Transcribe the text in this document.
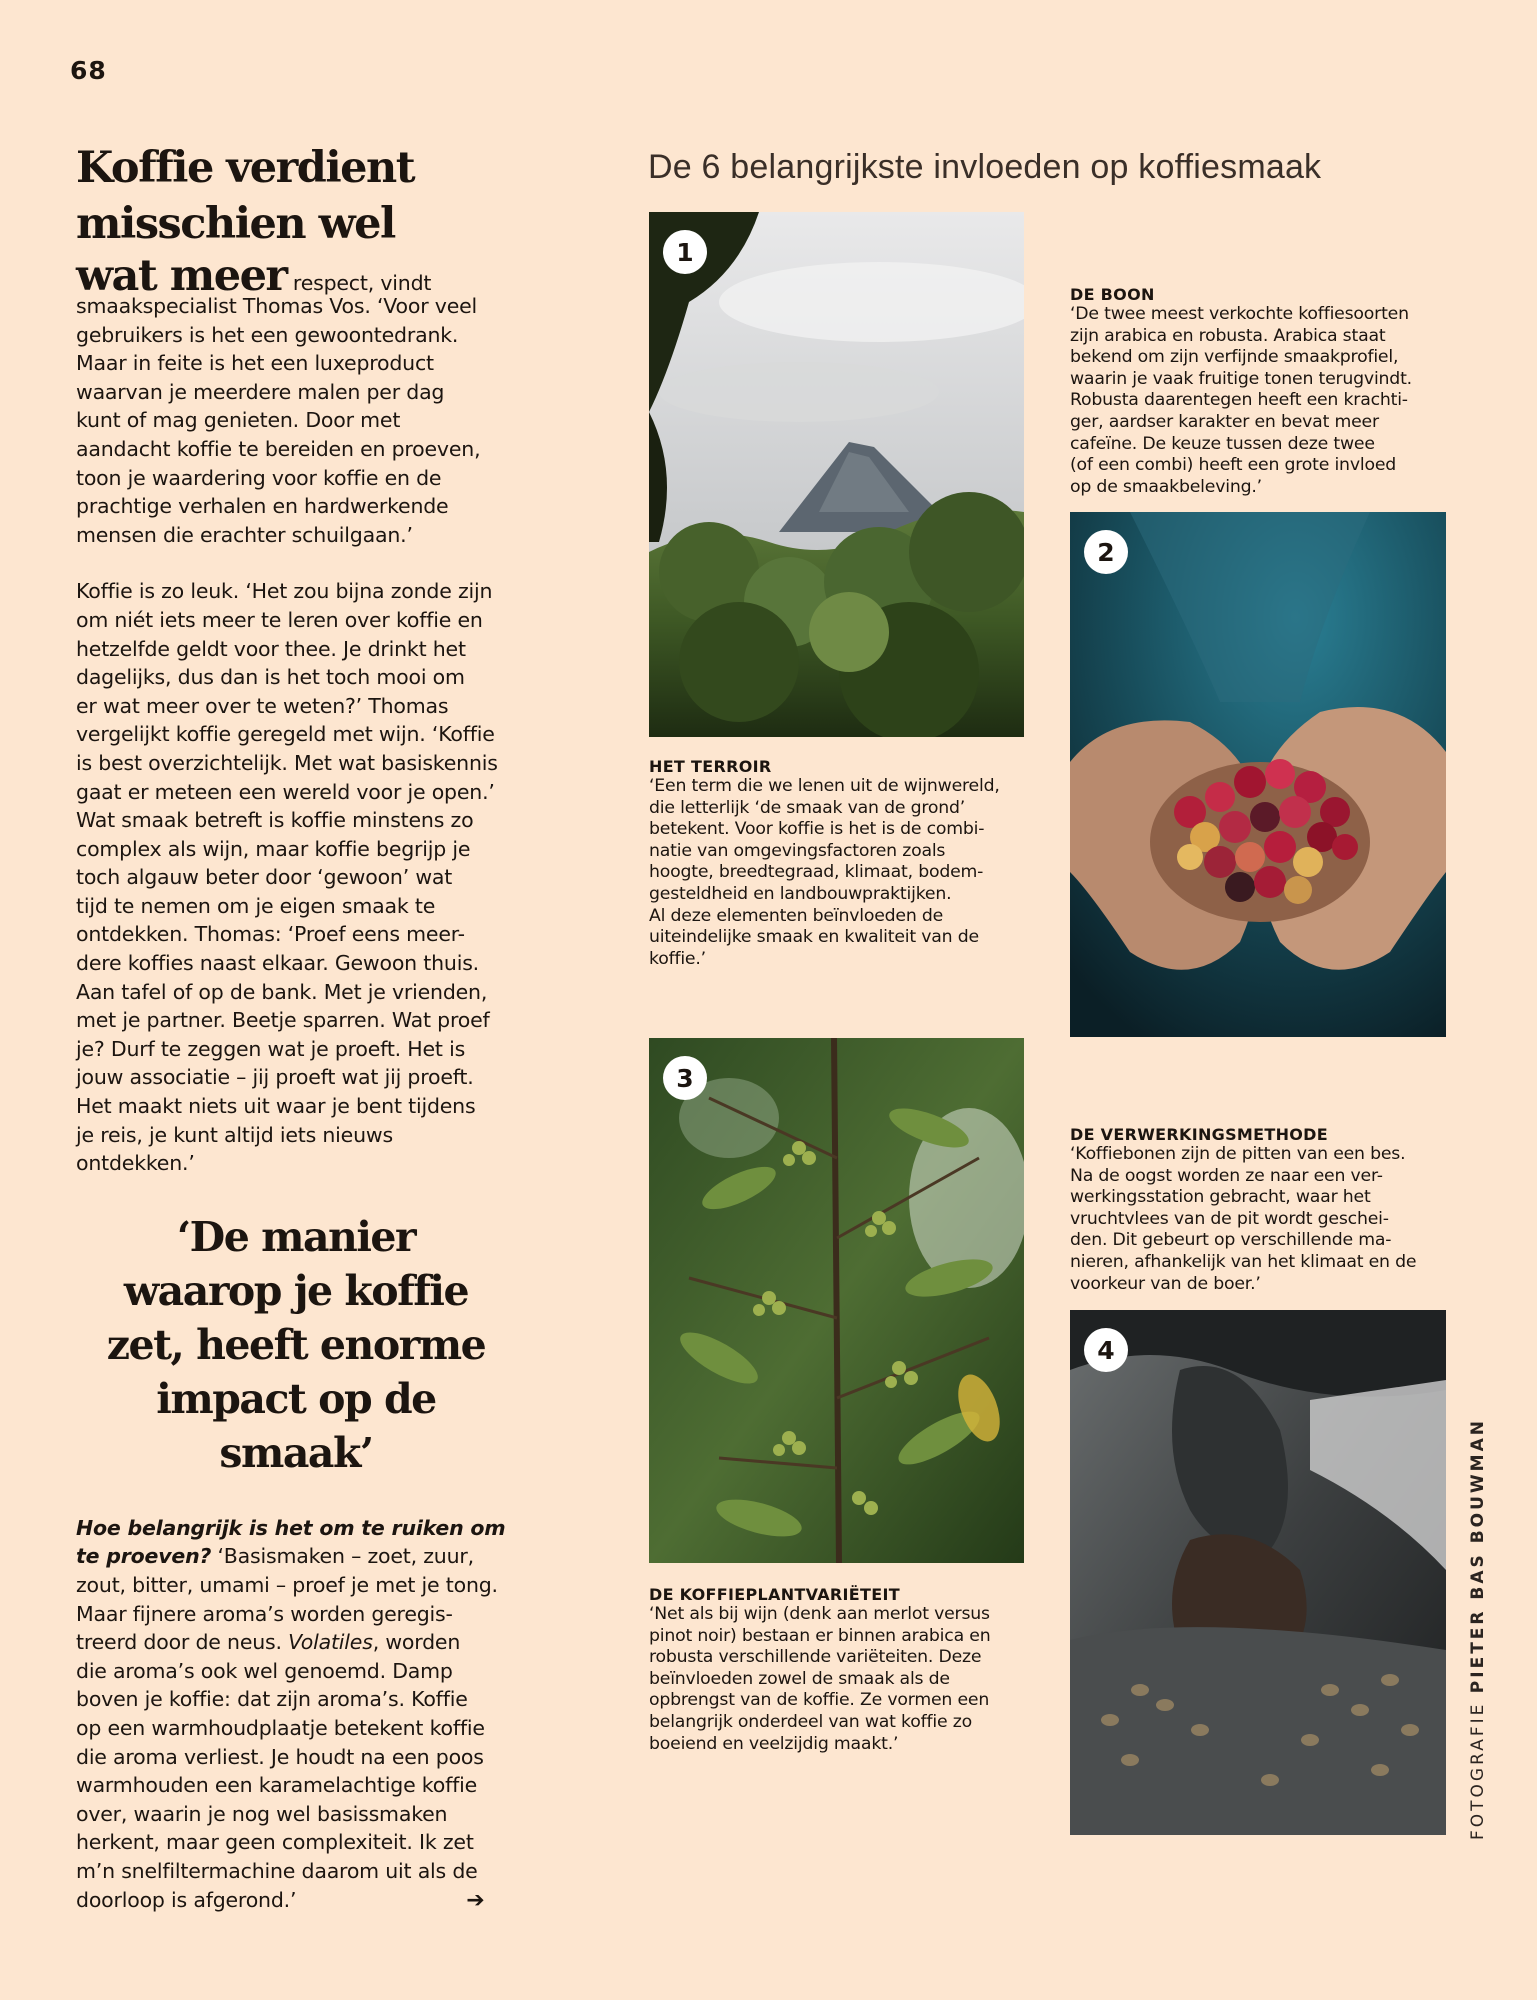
68
Koffie verdient
misschien wel
wat meer respect, vindt

smaakspecialist Thomas Vos. ‘Voor veel

gebruikers is het een gewoontedrank.

Maar in feite is het een luxeproduct

waarvan je meerdere malen per dag

kunt of mag genieten. Door met

aandacht koffie te bereiden en proeven,

toon je waardering voor koffie en de

prachtige verhalen en hardwerkende

mensen die erachter schuilgaan.’

Koffie is zo leuk. ‘Het zou bijna zonde zijn

om niét iets meer te leren over koffie en

hetzelfde geldt voor thee. Je drinkt het

dagelijks, dus dan is het toch mooi om

er wat meer over te weten?’ Thomas

vergelijkt koffie geregeld met wijn. ‘Koffie

is best overzichtelijk. Met wat basiskennis

gaat er meteen een wereld voor je open.’

Wat smaak betreft is koffie minstens zo

complex als wijn, maar koffie begrijp je

toch algauw beter door ‘gewoon’ wat

tijd te nemen om je eigen smaak te

ontdekken. Thomas: ‘Proef eens meer-

dere koffies naast elkaar. Gewoon thuis.

Aan tafel of op de bank. Met je vrienden,

met je partner. Beetje sparren. Wat proef

je? Durf te zeggen wat je proeft. Het is

jouw associatie – jij proeft wat jij proeft.

Het maakt niets uit waar je bent tijdens

je reis, je kunt altijd iets nieuws ontdekken.’

‘De manier
waarop je koffie
zet, heeft enorme
impact op de
smaak’

Hoe belangrijk is het om te ruiken om

te proeven? ‘Basismaken – zoet, zuur,

zout, bitter, umami – proef je met je tong.

Maar fijnere aroma’s worden geregis-

treerd door de neus. Volatiles, worden

die aroma’s ook wel genoemd. Damp

boven je koffie: dat zijn aroma’s. Koffie

op een warmhoudplaatje betekent koffie

die aroma verliest. Je houdt na een poos

warmhouden een karamelachtige koffie

over, waarin je nog wel basissmaken

herkent, maar geen complexiteit. Ik zet

m’n snelfiltermachine daarom uit als de

doorloop is afgerond.’	➔

De 6 belangrijkste invloeden op koffiesmaak
1
HET TERROIR
‘Een term die we lenen uit de wijnwereld,
die letterlijk ‘de smaak van de grond’
betekent. Voor koffie is het is de combi-
natie van omgevingsfactoren zoals
hoogte, breedtegraad, klimaat, bodem-
gesteldheid en landbouwpraktijken.
Al deze elementen beïnvloeden de
uiteindelijke smaak en kwaliteit van de
koffie.’
DE BOON
‘De twee meest verkochte koffiesoorten
zijn arabica en robusta. Arabica staat
bekend om zijn verfijnde smaakprofiel,
waarin je vaak fruitige tonen terugvindt.
Robusta daarentegen heeft een krachti-
ger, aardser karakter en bevat meer
cafeïne. De keuze tussen deze twee
(of een combi) heeft een grote invloed
op de smaakbeleving.’
2
3
DE KOFFIEPLANTVARIËTEIT
‘Net als bij wijn (denk aan merlot versus
pinot noir) bestaan er binnen arabica en
robusta verschillende variëteiten. Deze
beïnvloeden zowel de smaak als de
opbrengst van de koffie. Ze vormen een
belangrijk onderdeel van wat koffie zo
boeiend en veelzijdig maakt.’
DE VERWERKINGSMETHODE
‘Koffiebonen zijn de pitten van een bes.
Na de oogst worden ze naar een ver-
werkingsstation gebracht, waar het
vruchtvlees van de pit wordt geschei-
den. Dit gebeurt op verschillende ma-
nieren, afhankelijk van het klimaat en de
voorkeur van de boer.’
4
FOTOGRAFIE PIETER BAS BOUWMAN
